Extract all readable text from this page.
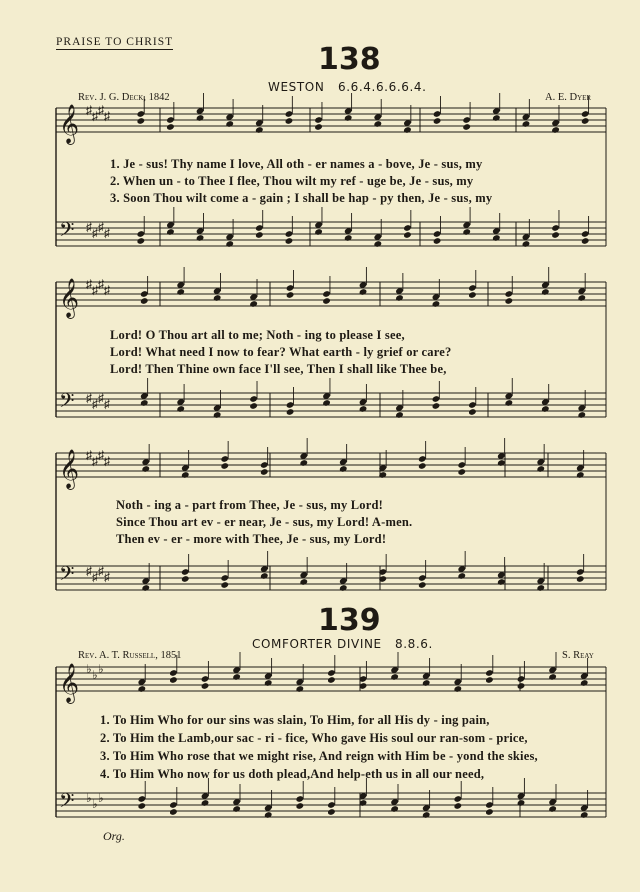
PRAISE TO CHRIST	138
WESTON 6.6.4.6.6.6.4.
Rev. J. G. Deck, 1842	A. E. Dyer
𝄞
𝄢
♯
♯
♯
♯
♯
♯
♯
♯
𝄞
𝄢
♯
♯
♯
♯
♯
♯
♯
♯
𝄞
𝄢
♯
♯
♯
♯
♯
♯
♯
♯
𝄞
𝄢
♭
♭
♭
♭
♭
♭
1. Je - sus! Thy name I love, All oth - er names a - bove, Je - sus, my
2. When un - to Thee I flee, Thou wilt my ref - uge be, Je - sus, my
3. Soon Thou wilt come a - gain ; I shall be hap - py then, Je - sus, my
Lord! O Thou art all to me; Noth - ing to please I see,
Lord! What need I now to fear? What earth - ly grief or care?
Lord! Then Thine own face I'll see, Then I shall like Thee be,
Noth - ing a - part from Thee, Je - sus, my Lord!
Since Thou art ev - er near, Je - sus, my Lord! A-men.
Then ev - er - more with Thee, Je - sus, my Lord!
139
COMFORTER DIVINE 8.8.6.
Rev. A. T. Russell, 1851	S. Reay
1. To Him Who for our sins was slain, To Him, for all His dy - ing pain,
2. To Him the Lamb,our sac - ri - fice, Who gave His soul our ran-som - price,
3. To Him Who rose that we might rise, And reign with Him be - yond the skies,
4. To Him Who now for us doth plead,And help-eth us in all our need,
Org.
